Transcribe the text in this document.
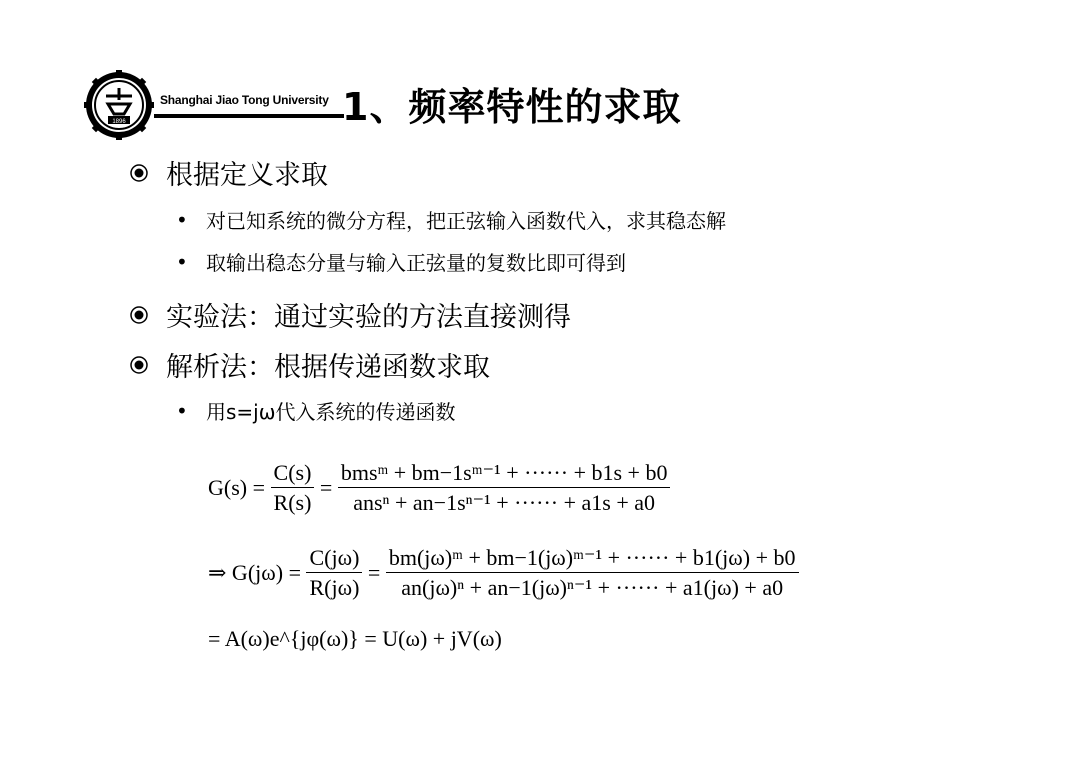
1896
Shanghai Jiao Tong University 1、频率特性的求取
根据定义求取
• 对已知系统的微分方程，把正弦输入函数代入，求其稳态解
• 取输出稳态分量与输入正弦量的复数比即可得到
实验法：通过实验的方法直接测得
解析法：根据传递函数求取
• 用s=jω代入系统的传递函数
G(s) =
$\frac{C(s)}{R(s)} = \frac{\text{bmsᵐ + bm−1sᵐ⁻¹ + ······ + b1s + b0}}{\text{ansⁿ + an−1sⁿ⁻¹ + ······ + a1s + a0}}$
⇒ G(jω) =
$\frac{C(j\omega)}{R(j\omega)} = \frac{\text{bm(jω)ᵐ + bm−1(jω)ᵐ⁻¹ + ······ + b1(jω) + b0}}{\text{an(jω)ⁿ + an−1(jω)ⁿ⁻¹ + ······ + a1(jω) + a0}}$
= A(ω)e^{jφ(ω)} = U(ω) + jV(ω)
